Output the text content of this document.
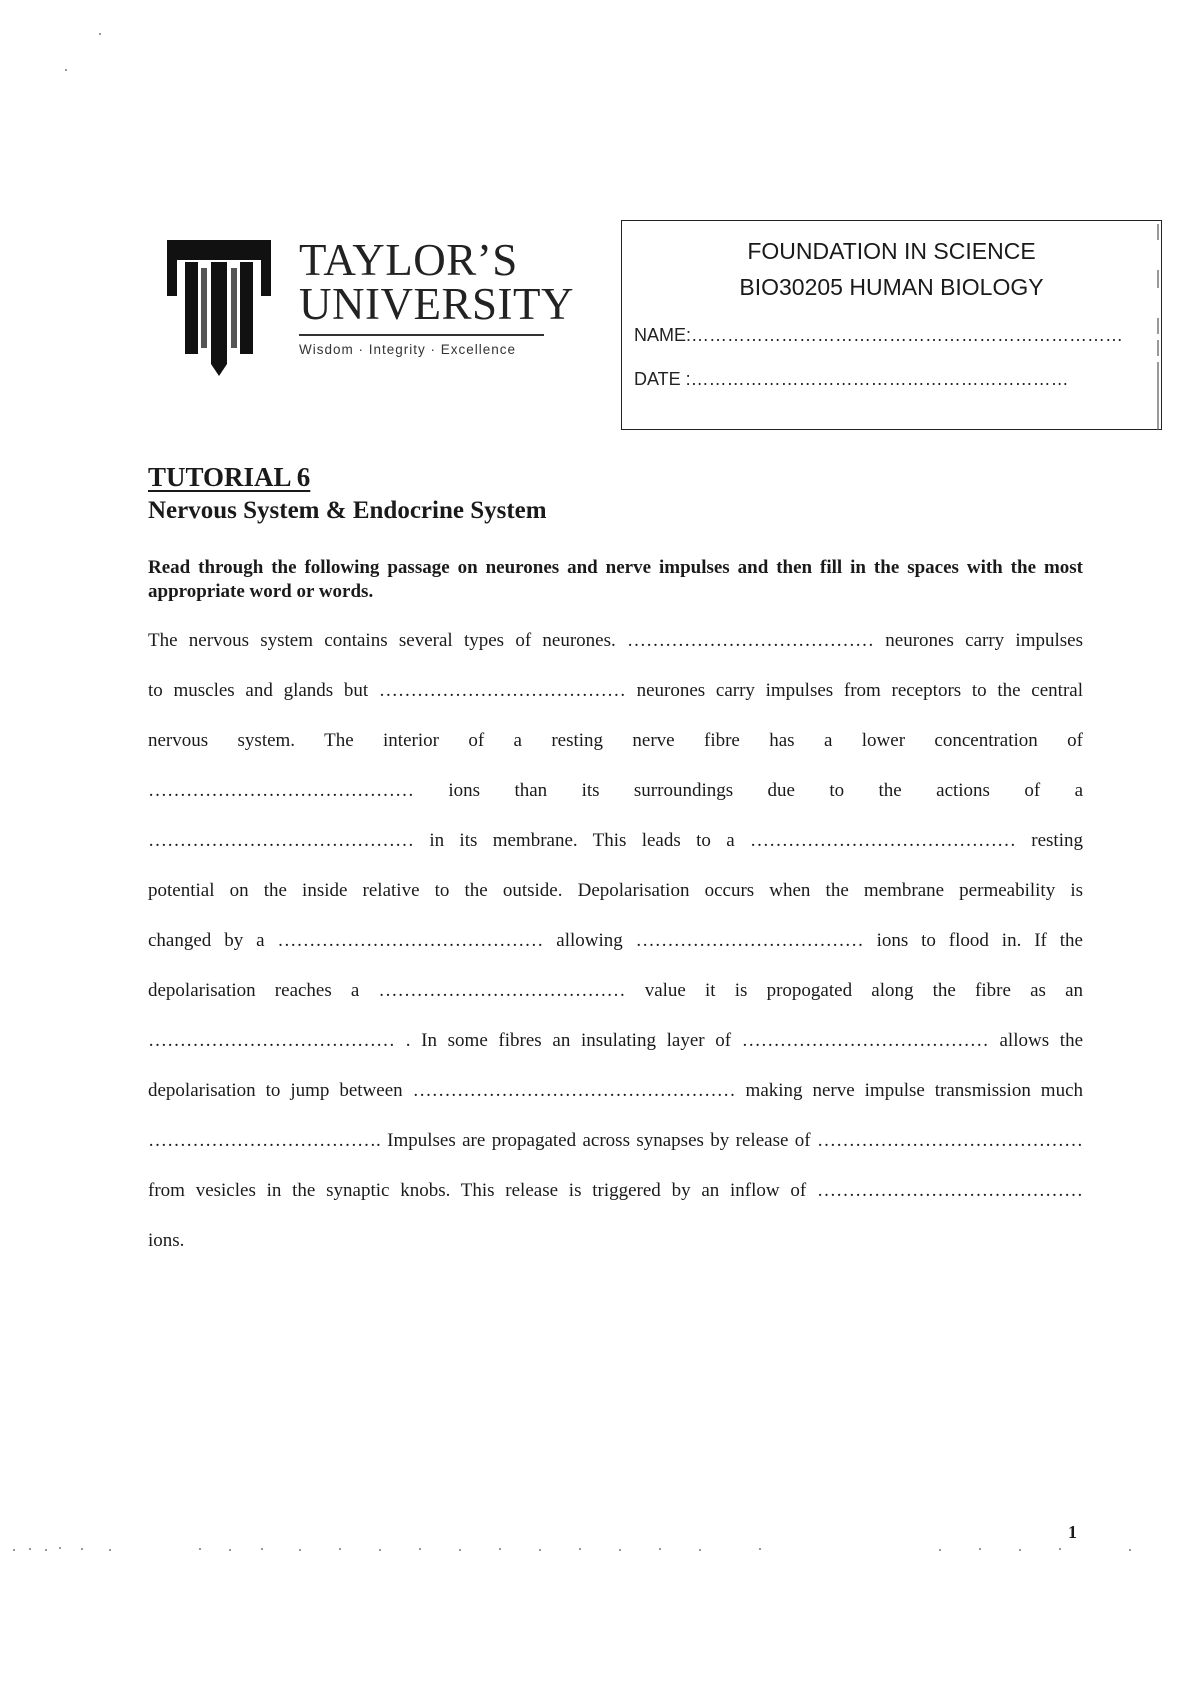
TAYLOR’S
UNIVERSITY
Wisdom · Integrity · Excellence
FOUNDATION IN SCIENCE
BIO30205 HUMAN BIOLOGY
NAME:………………………………………………………………
DATE :………………………………………………………
TUTORIAL 6
Nervous System & Endocrine System
Read through the following passage on neurones and nerve impulses and then fill in the spaces with the most appropriate word or words.
The nervous system contains several types of neurones. ………………………………… neurones carry impulses
to muscles and glands but ………………………………… neurones carry impulses from receptors to the central
nervous system. The interior of a resting nerve fibre has a lower concentration of
…………………………………… ions than its surroundings due to the actions of a
…………………………………… in its membrane. This leads to a …………………………………… resting
potential on the inside relative to the outside. Depolarisation occurs when the membrane permeability is
changed by a …………………………………… allowing ……………………………… ions to flood in. If the
depolarisation reaches a ………………………………… value it is propogated along the fibre as an
………………………………… . In some fibres an insulating layer of ………………………………… allows the
depolarisation to jump between …………………………………………… making nerve impulse transmission much
………………………………. Impulses are propagated across synapses by release of ……………………………………
from vesicles in the synaptic knobs. This release is triggered by an inflow of ……………………………………
ions.
1
